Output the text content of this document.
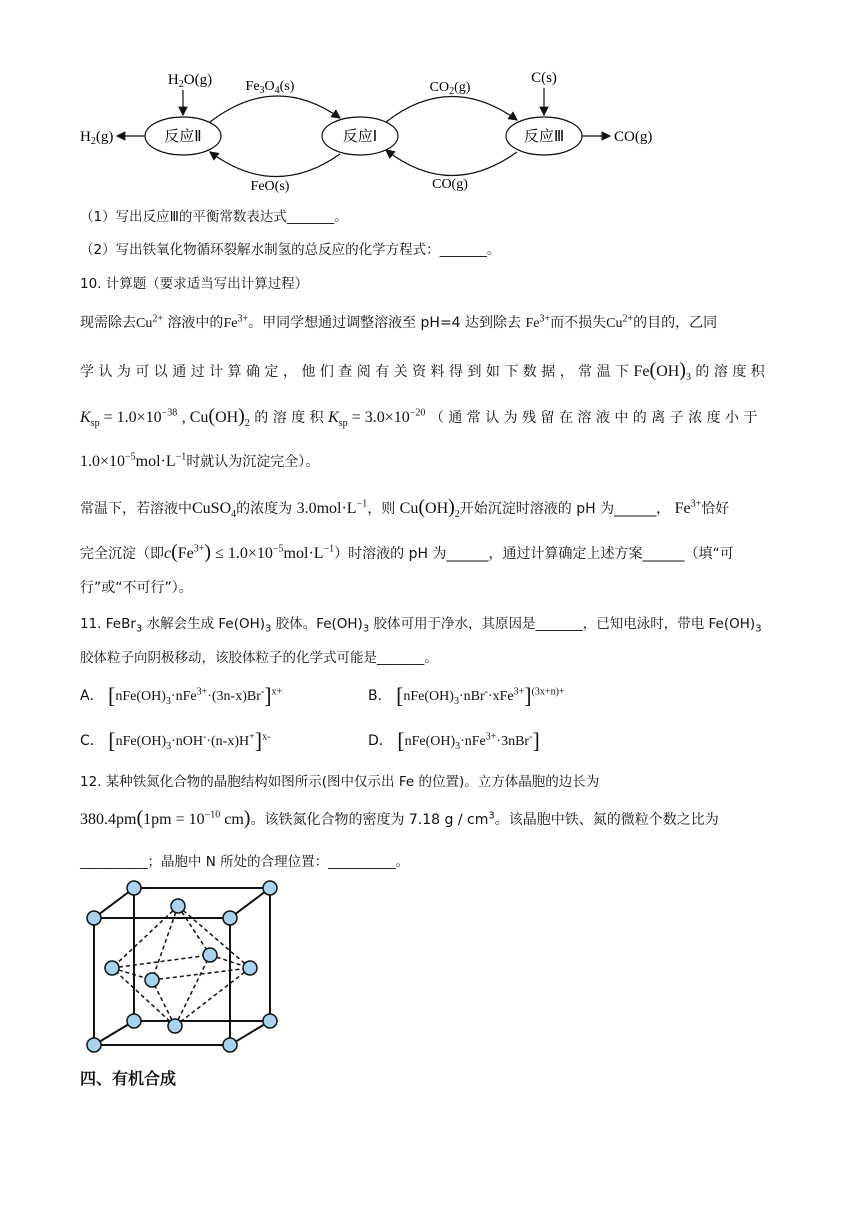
反应Ⅱ	反应Ⅰ	反应Ⅲ
$H_2O(g)$
$H_2(g)$
$Fe_3O_4(s)$
FeO(s)
$CO_2(g)$
CO(g)
C(s)
CO(g)
（1）写出反应Ⅲ的平衡常数表达式_______。
（2）写出铁氧化物循环裂解水制氢的总反应的化学方程式：_______。
10. 计算题（要求适当写出计算过程）
现需除去$Cu^{2+}$ 溶液中的$Fe^{3+}$。甲同学想通过调整溶液至 pH=4 达到除去 $Fe^{3+}$而不损失$Cu^{2+}$的目的，乙同
学 认 为 可 以 通 过 计 算 确 定 ， 他 们 查 阅 有 关 资 料 得 到 如 下 数 据 ， 常 温 下 $Fe(OH)_3$ 的 溶 度 积
$K_{sp} = 1.0\times 10^{-38}$ , $Cu(OH)_2$ 的 溶 度 积 $K_{sp} = 3.0\times 10^{-20}$ （ 通 常 认 为 残 留 在 溶 液 中 的 离 子 浓 度 小 于
$1.0\times 10^{-5}mol\cdot L^{-1}$时就认为沉淀完全）。
常温下，若溶液中CuSO$_4$的浓度为 $3.0mol\cdot L^{-1}$，则 $Cu(OH)_2$开始沉淀时溶液的 pH 为______， $Fe^{3+}$恰好
完全沉淀（即$c(Fe^{3+}) \le 1.0\times 10^{-5}mol\cdot L^{-1}$）时溶液的 pH 为______，通过计算确定上述方案______（填“可
行”或“不可行”）。
11. FeBr$_3$ 水解会生成 $Fe(OH)_3$ 胶体。$Fe(OH)_3$ 胶体可用于净水，其原因是_______，已知电泳时，带电 $Fe(OH)_3$
胶体粒子向阴极移动，该胶体粒子的化学式可能是_______。
A． $[nFe(OH)_3\cdot nFe^{3+}\cdot(3n-x)Br^-]^{x+}$	B． $[nFe(OH)_3\cdot nBr^-\cdot xFe^{3+}]^{(3x+n)+}$
C． $[nFe(OH)_3\cdot nOH^-\cdot(n-x)H^+]^{x-}$	D． $[nFe(OH)_3\cdot nFe^{3+}\cdot 3nBr^-]$
12. 某种铁氮化合物的晶胞结构如图所示(图中仅示出 Fe 的位置)。立方体晶胞的边长为
$380.4pm(1pm = 10^{-10}$ cm)。该铁氮化合物的密度为 7.18 g / $cm^3$。该晶胞中铁、氮的微粒个数之比为
__________；晶胞中 N 所处的合理位置：__________。
四、有机合成
